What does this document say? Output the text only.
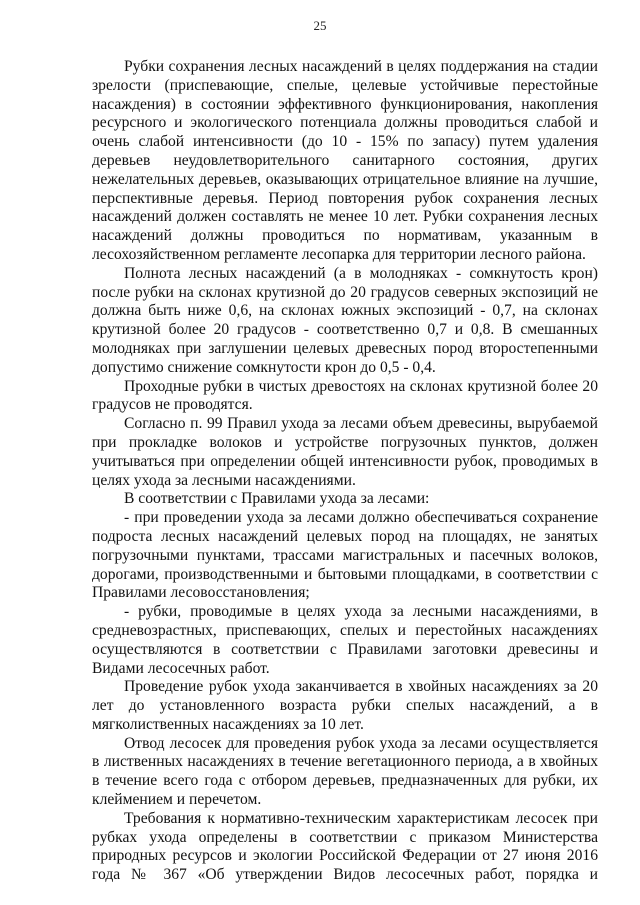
25

Рубки сохранения лесных насаждений в целях поддержания на стадии зрелости (приспевающие, спелые, целевые устойчивые перестойные насаждения) в состоянии эффективного функционирования, накопления ресурсного и экологического потенциала должны проводиться слабой и очень слабой интенсивности (до 10 - 15% по запасу) путем удаления деревьев неудовлетворительного санитарного состояния, других нежелательных деревьев, оказывающих отрицательное влияние на лучшие, перспективные деревья. Период повторения рубок сохранения лесных насаждений должен составлять не менее 10 лет. Рубки сохранения лесных насаждений должны проводиться по нормативам, указанным в лесохозяйственном регламенте лесопарка для территории лесного района.

Полнота лесных насаждений (а в молодняках - сомкнутость крон) после рубки на склонах крутизной до 20 градусов северных экспозиций не должна быть ниже 0,6, на склонах южных экспозиций - 0,7, на склонах крутизной более 20 градусов - соответственно 0,7 и 0,8. В смешанных молодняках при заглушении целевых древесных пород второстепенными допустимо снижение сомкнутости крон до 0,5 - 0,4.

Проходные рубки в чистых древостоях на склонах крутизной более 20 градусов не проводятся.

Согласно п. 99 Правил ухода за лесами объем древесины, вырубаемой при прокладке волоков и устройстве погрузочных пунктов, должен учитываться при определении общей интенсивности рубок, проводимых в целях ухода за лесными насаждениями.

В соответствии с Правилами ухода за лесами:

- при проведении ухода за лесами должно обеспечиваться сохранение подроста лесных насаждений целевых пород на площадях, не занятых погрузочными пунктами, трассами магистральных и пасечных волоков, дорогами, производственными и бытовыми площадками, в соответствии с Правилами лесовосстановления;

- рубки, проводимые в целях ухода за лесными насаждениями, в средневозрастных, приспевающих, спелых и перестойных насаждениях осуществляются в соответствии с Правилами заготовки древесины и Видами лесосечных работ.

Проведение рубок ухода заканчивается в хвойных насаждениях за 20 лет до установленного возраста рубки спелых насаждений, а в мягколиственных насаждениях за 10 лет.

Отвод лесосек для проведения рубок ухода за лесами осуществляется в лиственных насаждениях в течение вегетационного периода, а в хвойных в течение всего года с отбором деревьев, предназначенных для рубки, их клеймением и перечетом.

Требования к нормативно-техническим характеристикам лесосек при рубках ухода определены в соответствии с приказом Министерства природных ресурсов и экологии Российской Федерации от 27 июня 2016 года № 367 «Об утверждении Видов лесосечных работ, порядка и
